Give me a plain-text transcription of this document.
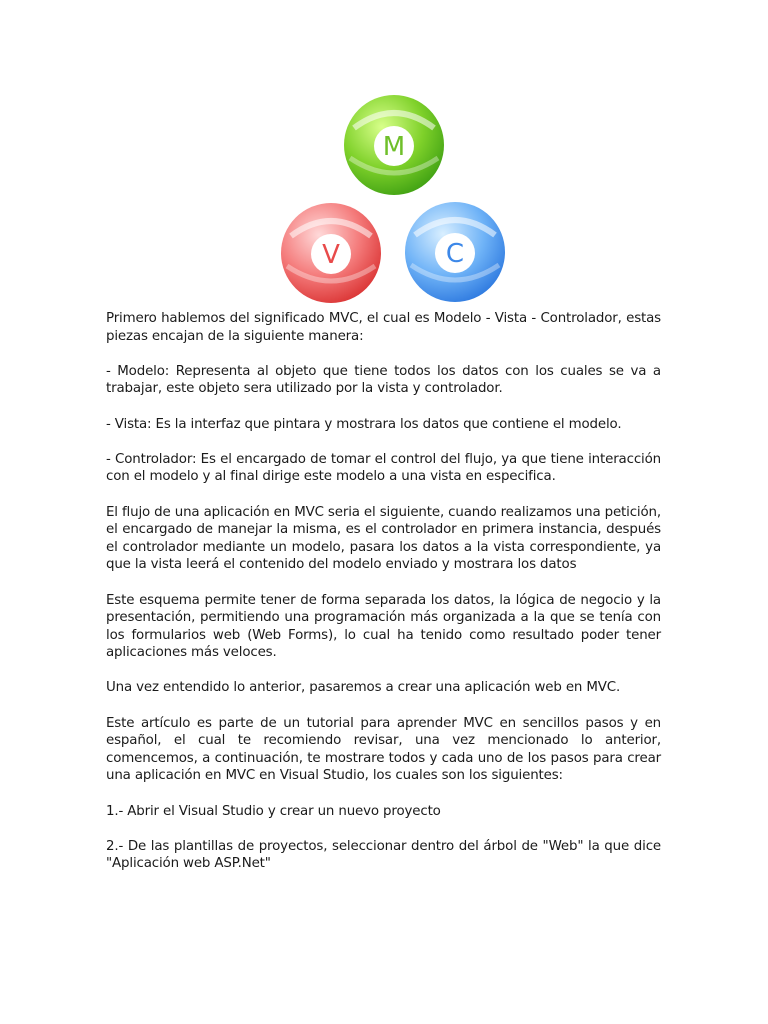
M
V	C

Primero hablemos del significado MVC, el cual es Modelo - Vista - Controlador, estas piezas encajan de la siguiente manera:

- Modelo: Representa al objeto que tiene todos los datos con los cuales se va a trabajar, este objeto sera utilizado por la vista y controlador.

- Vista: Es la interfaz que pintara y mostrara los datos que contiene el modelo.

- Controlador: Es el encargado de tomar el control del flujo, ya que tiene interacción con el modelo y al final dirige este modelo a una vista en especifica.

El flujo de una aplicación en MVC seria el siguiente, cuando realizamos una petición, el encargado de manejar la misma, es el controlador en primera instancia, después el controlador mediante un modelo, pasara los datos a la vista correspondiente, ya que la vista leerá el contenido del modelo enviado y mostrara los datos

Este esquema permite tener de forma separada los datos, la lógica de negocio y la presentación, permitiendo una programación más organizada a la que se tenía con los formularios web (Web Forms), lo cual ha tenido como resultado poder tener aplicaciones más veloces.

Una vez entendido lo anterior, pasaremos a crear una aplicación web en MVC.

Este artículo es parte de un tutorial para aprender MVC en sencillos pasos y en español, el cual te recomiendo revisar, una vez mencionado lo anterior, comencemos, a continuación, te mostrare todos y cada uno de los pasos para crear una aplicación en MVC en Visual Studio, los cuales son los siguientes:

1.- Abrir el Visual Studio y crear un nuevo proyecto

2.- De las plantillas de proyectos, seleccionar dentro del árbol de "Web" la que dice "Aplicación web ASP.Net"
